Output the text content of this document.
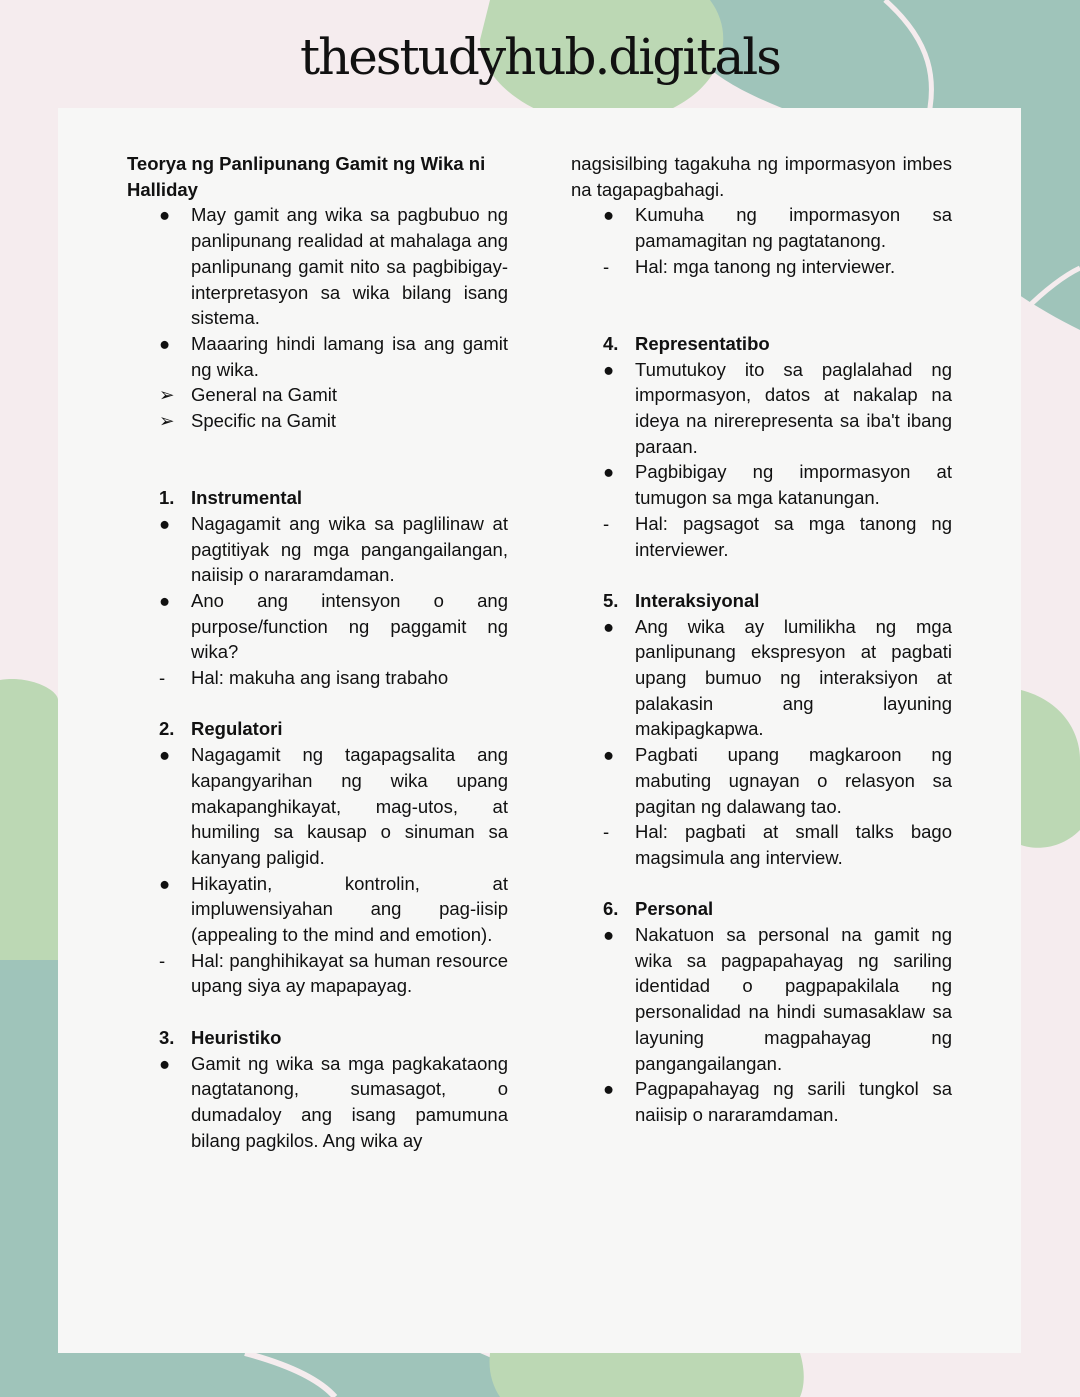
thestudyhub.digitals
Teorya ng Panlipunang Gamit ng Wika ni Halliday
● May gamit ang wika sa pagbubuo ng panlipunang realidad at mahalaga ang panlipunang gamit nito sa pagbibigay-interpretasyon sa wika bilang isang sistema.
● Maaaring hindi lamang isa ang gamit ng wika.
➢ General na Gamit
➢ Specific na Gamit
1. Instrumental
● Nagagamit ang wika sa paglilinaw at pagtitiyak ng mga pangangailangan, naiisip o nararamdaman.
● Ano ang intensyon o ang purpose/function ng paggamit ng wika?
- Hal: makuha ang isang trabaho
2. Regulatori
● Nagagamit ng tagapagsalita ang kapangyarihan ng wika upang makapanghikayat, mag-utos, at humiling sa kausap o sinuman sa kanyang paligid.
● Hikayatin, kontrolin, at impluwensiyahan ang pag-iisip (appealing to the mind and emotion).
- Hal: panghihikayat sa human resource upang siya ay mapapayag.
3. Heuristiko
● Gamit ng wika sa mga pagkakataong nagtatanong, sumasagot, o dumadaloy ang isang pamumuna bilang pagkilos. Ang wika ay
nagsisilbing tagakuha ng impormasyon imbes na tagapagbahagi.
● Kumuha ng impormasyon sa pamamagitan ng pagtatanong.
- Hal: mga tanong ng interviewer.
4. Representatibo
● Tumutukoy ito sa paglalahad ng impormasyon, datos at nakalap na ideya na nirerepresenta sa iba't ibang paraan.
● Pagbibigay ng impormasyon at tumugon sa mga katanungan.
- Hal: pagsagot sa mga tanong ng interviewer.
5. Interaksiyonal
● Ang wika ay lumilikha ng mga panlipunang ekspresyon at pagbati upang bumuo ng interaksiyon at palakasin ang layuning makipagkapwa.
● Pagbati upang magkaroon ng mabuting ugnayan o relasyon sa pagitan ng dalawang tao.
- Hal: pagbati at small talks bago magsimula ang interview.
6. Personal
● Nakatuon sa personal na gamit ng wika sa pagpapahayag ng sariling identidad o pagpapakilala ng personalidad na hindi sumasaklaw sa layuning magpahayag ng pangangailangan.
● Pagpapahayag ng sarili tungkol sa naiisip o nararamdaman.
